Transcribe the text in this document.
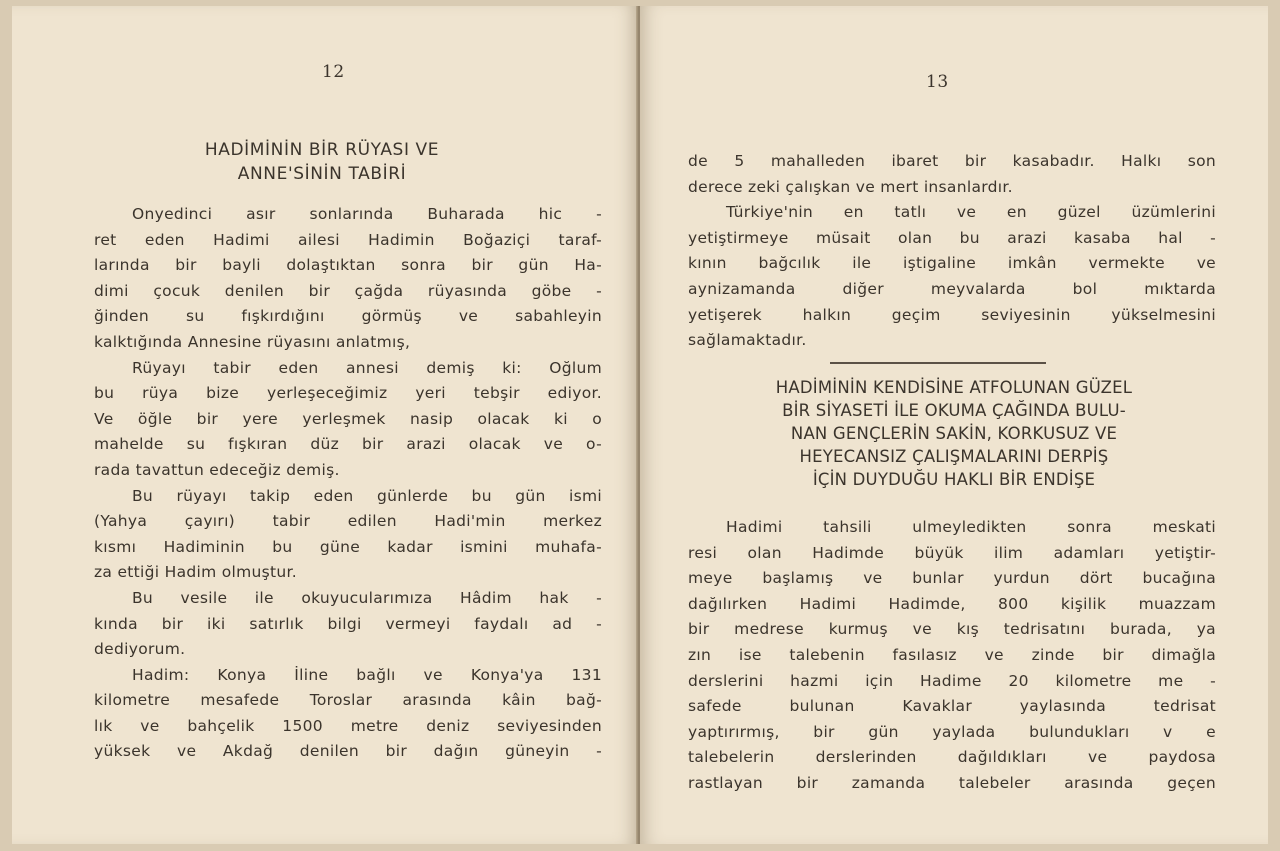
12
HADİMİNİN BİR RÜYASI VE
ANNE'SİNİN TABİRİ
Onyedinci asır sonlarında Buharada hic -
ret eden Hadimi ailesi Hadimin Boğaziçi taraf-
larında bir bayli dolaştıktan sonra bir gün Ha-
dimi çocuk denilen bir çağda rüyasında göbe -
ğinden su fışkırdığını görmüş ve sabahleyin
kalktığında Annesine rüyasını anlatmış,
Rüyayı tabir eden annesi demiş ki: Oğlum
bu rüya bize yerleşeceğimiz yeri tebşir ediyor.
Ve öğle bir yere yerleşmek nasip olacak ki o
mahelde su fışkıran düz bir arazi olacak ve o-
rada tavattun edeceğiz demiş.
Bu rüyayı takip eden günlerde bu gün ismi
(Yahya çayırı) tabir edilen Hadi'min merkez
kısmı Hadiminin bu güne kadar ismini muhafa-
za ettiği Hadim olmuştur.
Bu vesile ile okuyucularımıza Hâdim hak -
kında bir iki satırlık bilgi vermeyi faydalı ad -
dediyorum.
Hadim: Konya İline bağlı ve Konya'ya 131
kilometre mesafede Toroslar arasında kâin bağ-
lık ve bahçelik 1500 metre deniz seviyesinden
yüksek ve Akdağ denilen bir dağın güneyin -
13
de 5 mahalleden ibaret bir kasabadır. Halkı son
derece zeki çalışkan ve mert insanlardır.
Türkiye'nin en tatlı ve en güzel üzümlerini
yetiştirmeye müsait olan bu arazi kasaba hal -
kının bağcılık ile iştigaline imkân vermekte ve
aynizamanda diğer meyvalarda bol mıktarda
yetişerek halkın geçim seviyesinin yükselmesini
sağlamaktadır.
HADİMİNİN KENDİSİNE ATFOLUNAN GÜZEL
BİR SİYASETİ İLE OKUMA ÇAĞINDA BULU-
NAN GENÇLERİN SAKİN, KORKUSUZ VE
HEYECANSIZ ÇALIŞMALARINI DERPİŞ
İÇİN DUYDUĞU HAKLI BİR ENDİŞE
Hadimi tahsili ulmeyledikten sonra meskati
resi olan Hadimde büyük ilim adamları yetiştir-
meye başlamış ve bunlar yurdun dört bucağına
dağılırken Hadimi Hadimde, 800 kişilik muazzam
bir medrese kurmuş ve kış tedrisatını burada, ya
zın ise talebenin fasılasız ve zinde bir dimağla
derslerini hazmi için Hadime 20 kilometre me -
safede bulunan Kavaklar yaylasında tedrisat
yaptırırmış, bir gün yaylada bulundukları v e
talebelerin derslerinden dağıldıkları ve paydosa
rastlayan bir zamanda talebeler arasında geçen
